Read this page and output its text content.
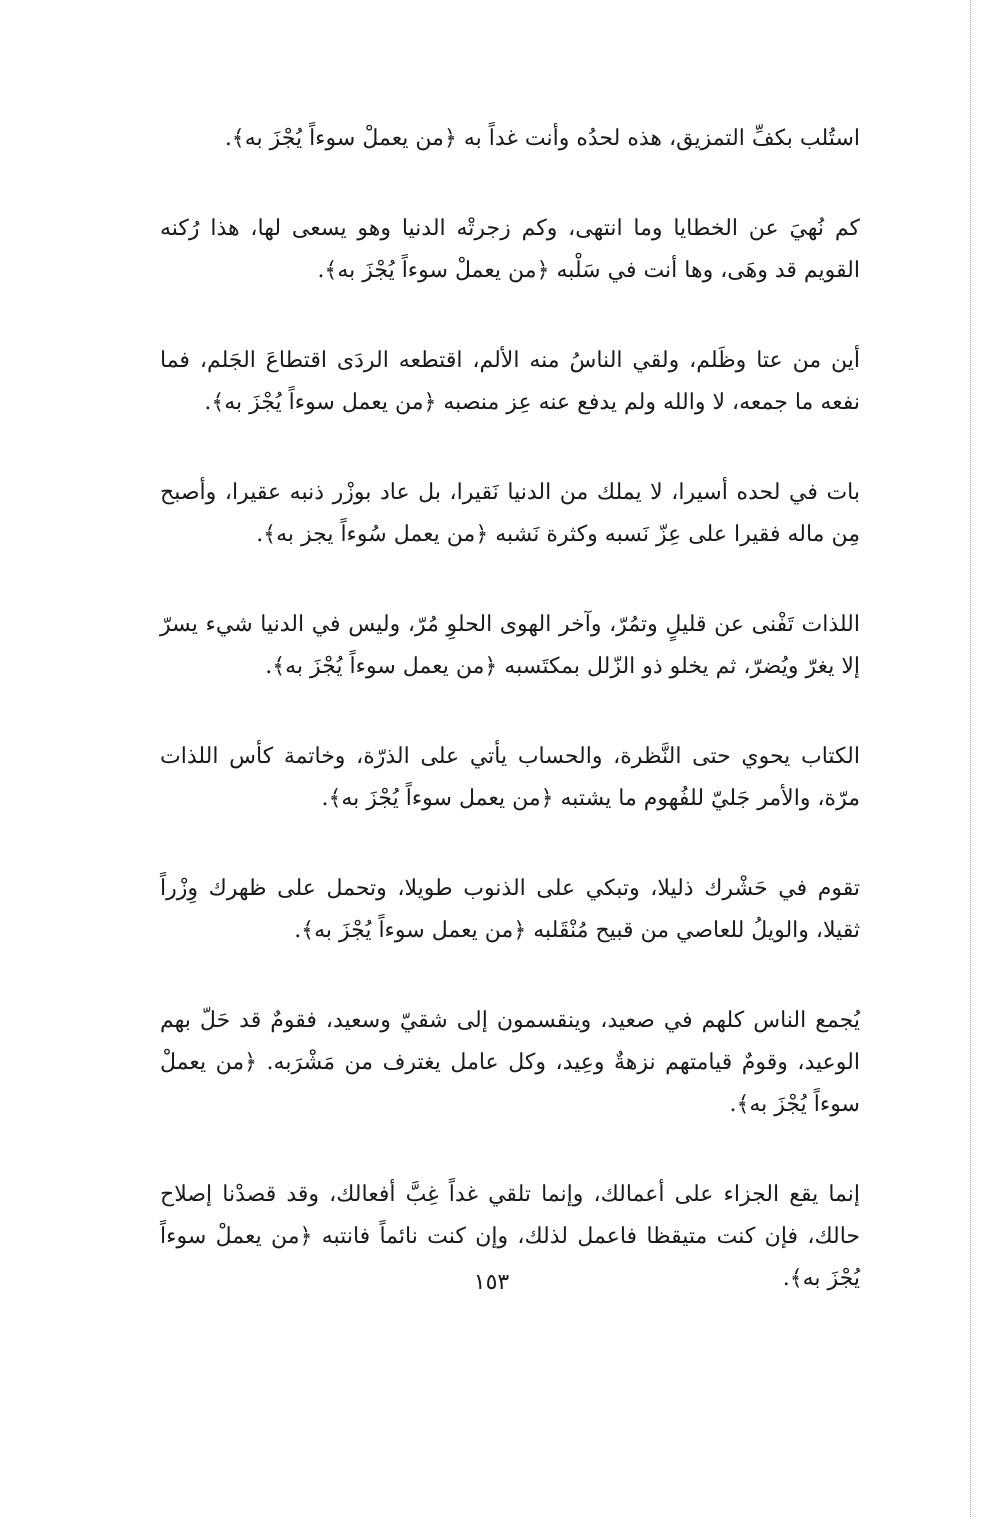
استُلب بكفِّ التمزيق، هذه لحدُه وأنت غداً به ﴿من يعملْ سوءاً يُجْزَ به﴾.

كم نُهيَ عن الخطايا وما انتهى، وكم زجرتْه الدنيا وهو يسعى لها، هذا رُكنه القويم قد وهَى، وها أنت في سَلْبه ﴿من يعملْ سوءاً يُجْزَ به﴾.

أين من عتا وظَلم، ولقي الناسُ منه الألم، اقتطعه الردَى اقتطاعَ الجَلم، فما نفعه ما جمعه، لا والله ولم يدفع عنه عِز منصبه ﴿من يعمل سوءاً يُجْزَ به﴾.

بات في لحده أسيرا، لا يملك من الدنيا نَقيرا، بل عاد بوزْر ذنبه عقيرا، وأصبح مِن ماله فقيرا على عِزّ نَسبه وكثرة نَشبه ﴿من يعمل سُوءاً يجز به﴾.

اللذات تَفْنى عن قليلٍ وتمُرّ، وآخر الهوى الحلوِ مُرّ، وليس في الدنيا شيء يسرّ إلا يغرّ ويُضرّ، ثم يخلو ذو الزّلل بمكتَسبه ﴿من يعمل سوءاً يُجْزَ به﴾.

الكتاب يحوي حتى النَّظرة، والحساب يأتي على الذرّة، وخاتمة كأس اللذات مرّة، والأمر جَليّ للفُهوم ما يشتبه ﴿من يعمل سوءاً يُجْزَ به﴾.

تقوم في حَشْرك ذليلا، وتبكي على الذنوب طويلا، وتحمل على ظهرك وِزْراً ثقيلا، والويلُ للعاصي من قبيح مُنْقَلبه ﴿من يعمل سوءاً يُجْزَ به﴾.

يُجمع الناس كلهم في صعيد، وينقسمون إلى شقيّ وسعيد، فقومٌ قد حَلّ بهم الوعيد، وقومٌ قيامتهم نزهةٌ وعِيد، وكل عامل يغترف من مَشْرَبه. ﴿من يعملْ سوءاً يُجْزَ به﴾.

إنما يقع الجزاء على أعمالك، وإنما تلقي غداً غِبَّ أفعالك، وقد قصدْنا إصلاح حالك، فإن كنت متيقظا فاعمل لذلك، وإن كنت نائماً فانتبه ﴿من يعملْ سوءاً يُجْزَ به﴾.

١٥٣
